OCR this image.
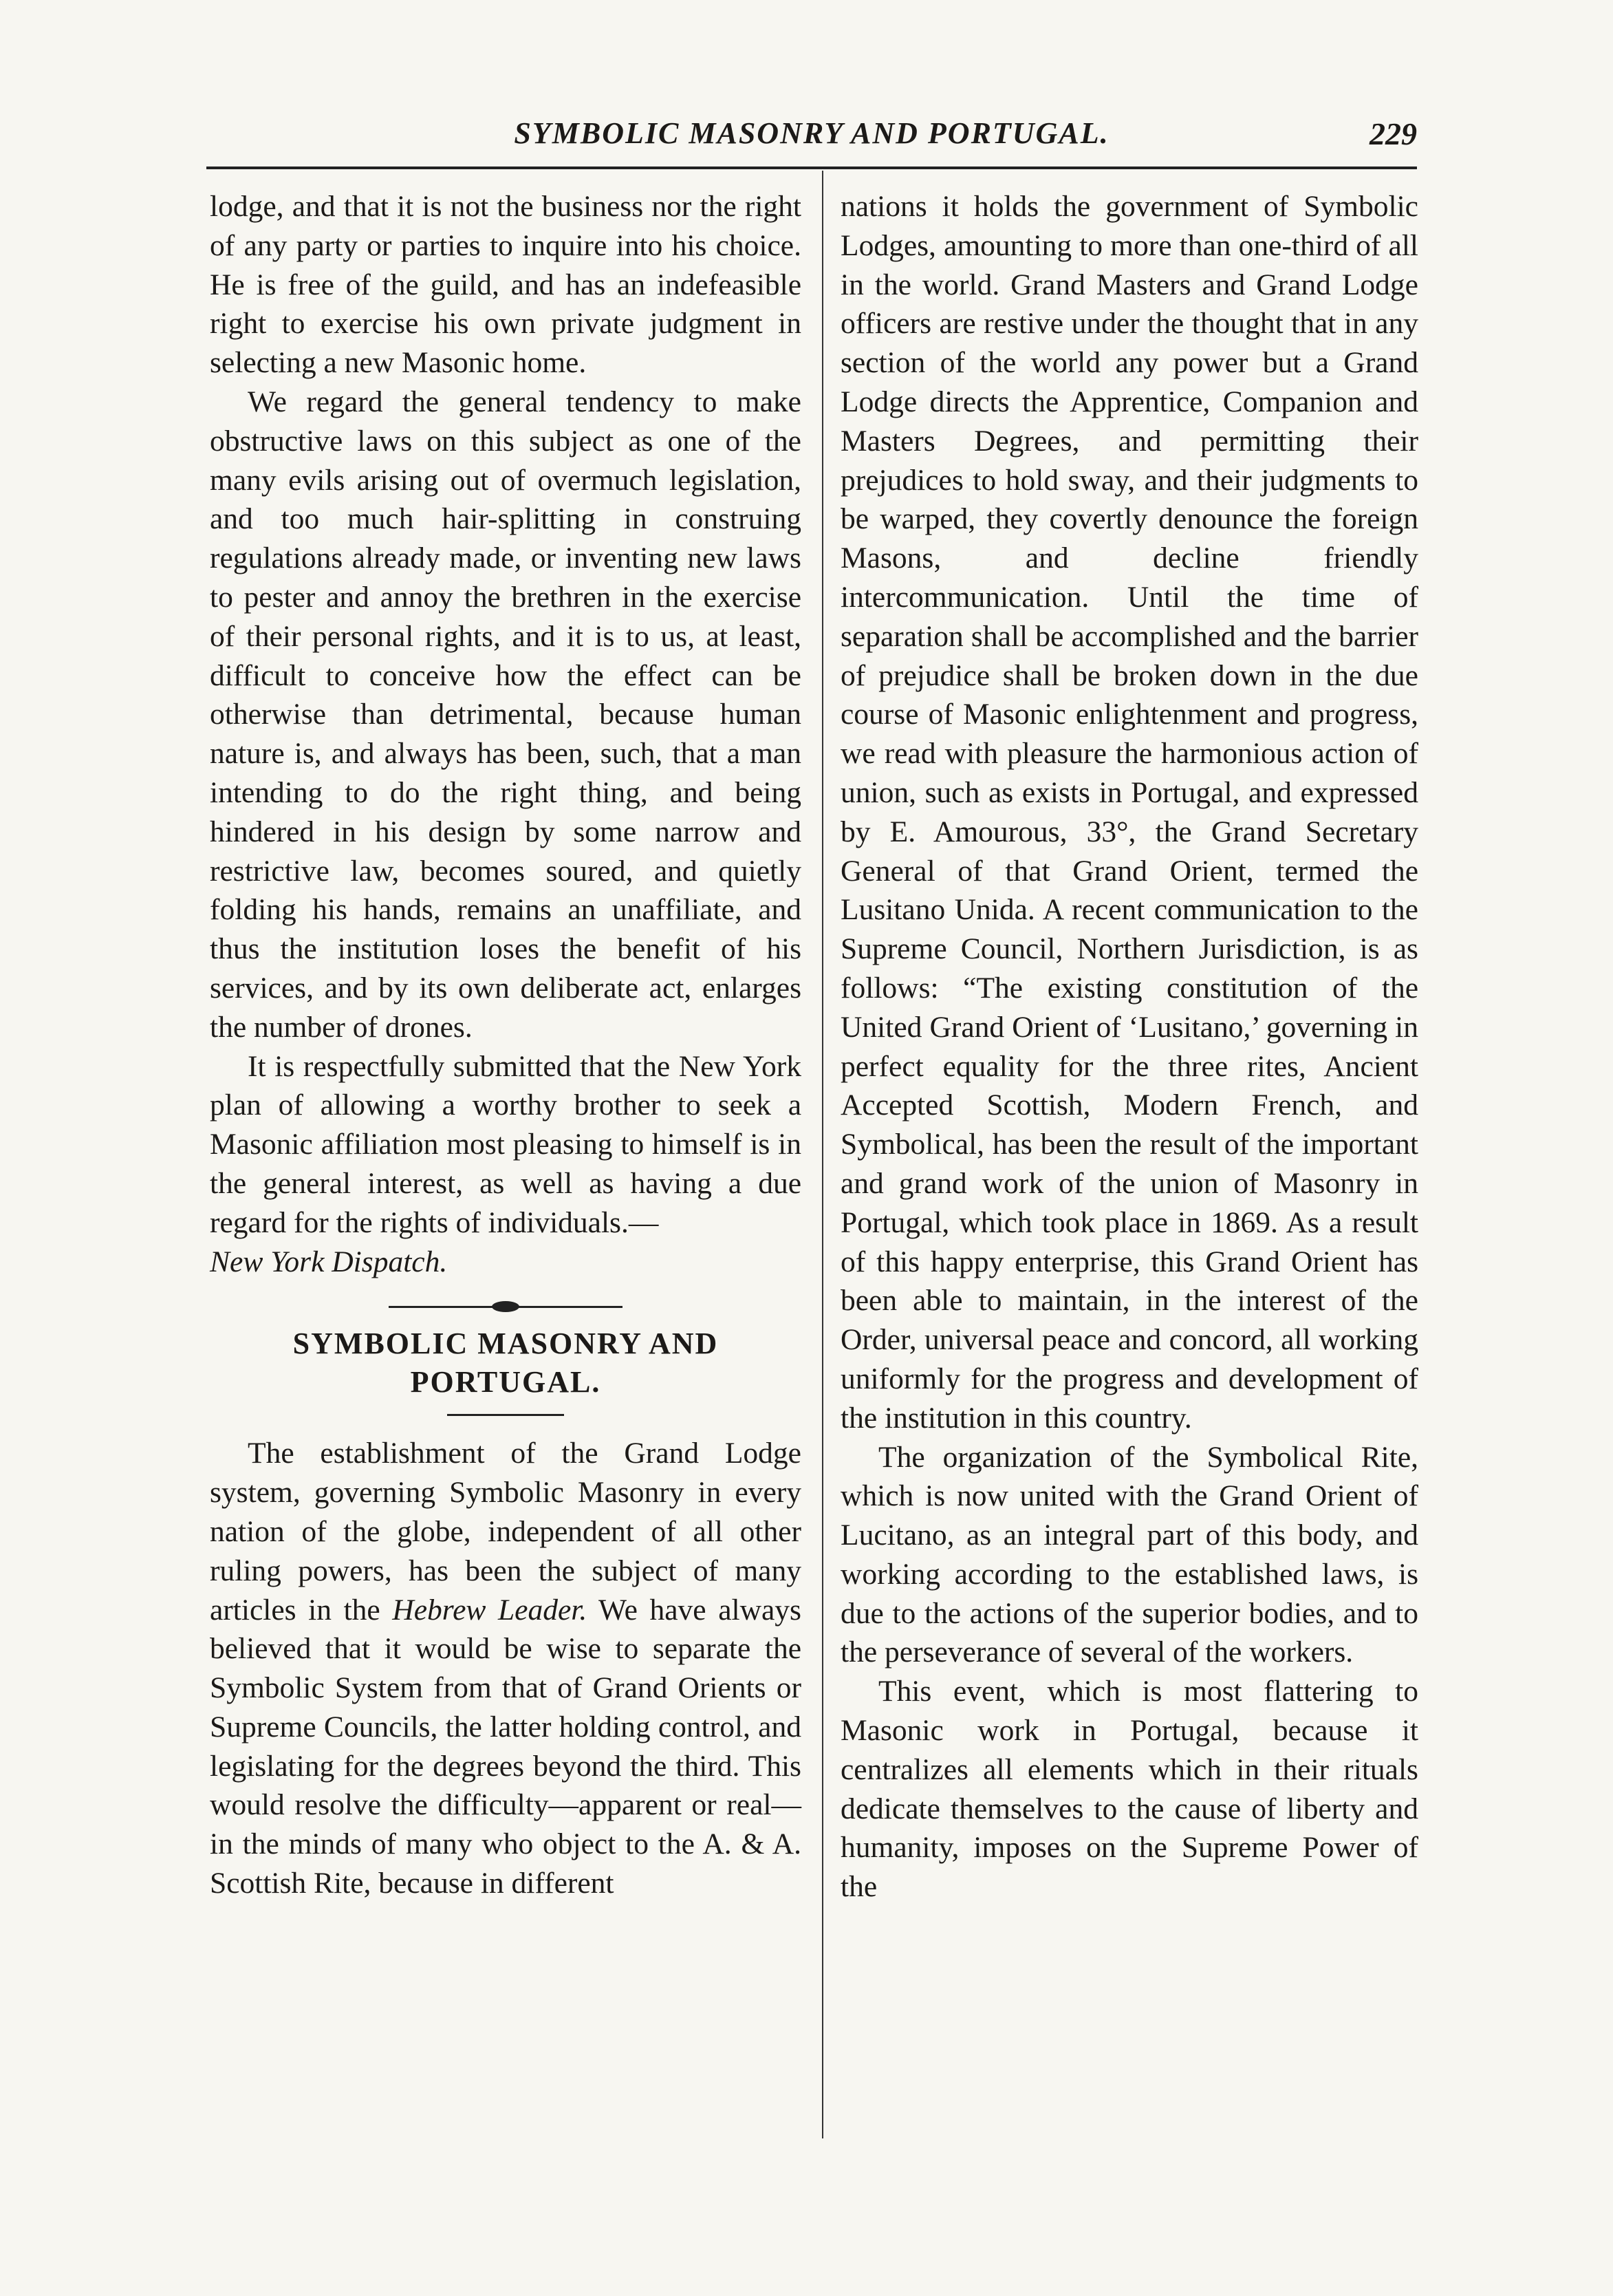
SYMBOLIC MASONRY AND PORTUGAL.	229

lodge, and that it is not the business nor the right of any party or parties to inquire into his choice. He is free of the guild, and has an indefeasible right to exercise his own private judgment in selecting a new Masonic home.

We regard the general tendency to make obstructive laws on this subject as one of the many evils arising out of overmuch legislation, and too much hair-splitting in construing regulations already made, or inventing new laws to pester and annoy the brethren in the exercise of their personal rights, and it is to us, at least, difficult to conceive how the effect can be otherwise than detrimental, because human nature is, and always has been, such, that a man intending to do the right thing, and being hindered in his design by some narrow and restrictive law, becomes soured, and quietly folding his hands, remains an unaffiliate, and thus the institution loses the benefit of his services, and by its own deliberate act, enlarges the number of drones.

It is respectfully submitted that the New York plan of allowing a worthy brother to seek a Masonic affiliation most pleasing to himself is in the general interest, as well as having a due regard for the rights of individuals.—
New York Dispatch.

SYMBOLIC MASONRY AND
PORTUGAL.

The establishment of the Grand Lodge system, governing Symbolic Masonry in every nation of the globe, independent of all other ruling powers, has been the subject of many articles in the Hebrew Leader. We have always believed that it would be wise to separate the Symbolic System from that of Grand Orients or Supreme Councils, the latter holding control, and legislating for the degrees beyond the third. This would resolve the difficulty—apparent or real—in the minds of many who object to the A. & A. Scottish Rite, because in different

nations it holds the government of Symbolic Lodges, amounting to more than one-third of all in the world. Grand Masters and Grand Lodge officers are restive under the thought that in any section of the world any power but a Grand Lodge directs the Apprentice, Companion and Masters Degrees, and permitting their prejudices to hold sway, and their judgments to be warped, they covertly denounce the foreign Masons, and decline friendly intercommunication. Until the time of separation shall be accomplished and the barrier of prejudice shall be broken down in the due course of Masonic enlightenment and progress, we read with pleasure the harmonious action of union, such as exists in Portugal, and expressed by E. Amourous, 33°, the Grand Secretary General of that Grand Orient, termed the Lusitano Unida. A recent communication to the Supreme Council, Northern Jurisdiction, is as follows: “The existing constitution of the United Grand Orient of ‘Lusitano,’ governing in perfect equality for the three rites, Ancient Accepted Scottish, Modern French, and Symbolical, has been the result of the important and grand work of the union of Masonry in Portugal, which took place in 1869. As a result of this happy enterprise, this Grand Orient has been able to maintain, in the interest of the Order, universal peace and concord, all working uniformly for the progress and development of the institution in this country.

The organization of the Symbolical Rite, which is now united with the Grand Orient of Lucitano, as an integral part of this body, and working according to the established laws, is due to the actions of the superior bodies, and to the perseverance of several of the workers.

This event, which is most flattering to Masonic work in Portugal, because it centralizes all elements which in their rituals dedicate themselves to the cause of liberty and humanity, imposes on the Supreme Power of the
